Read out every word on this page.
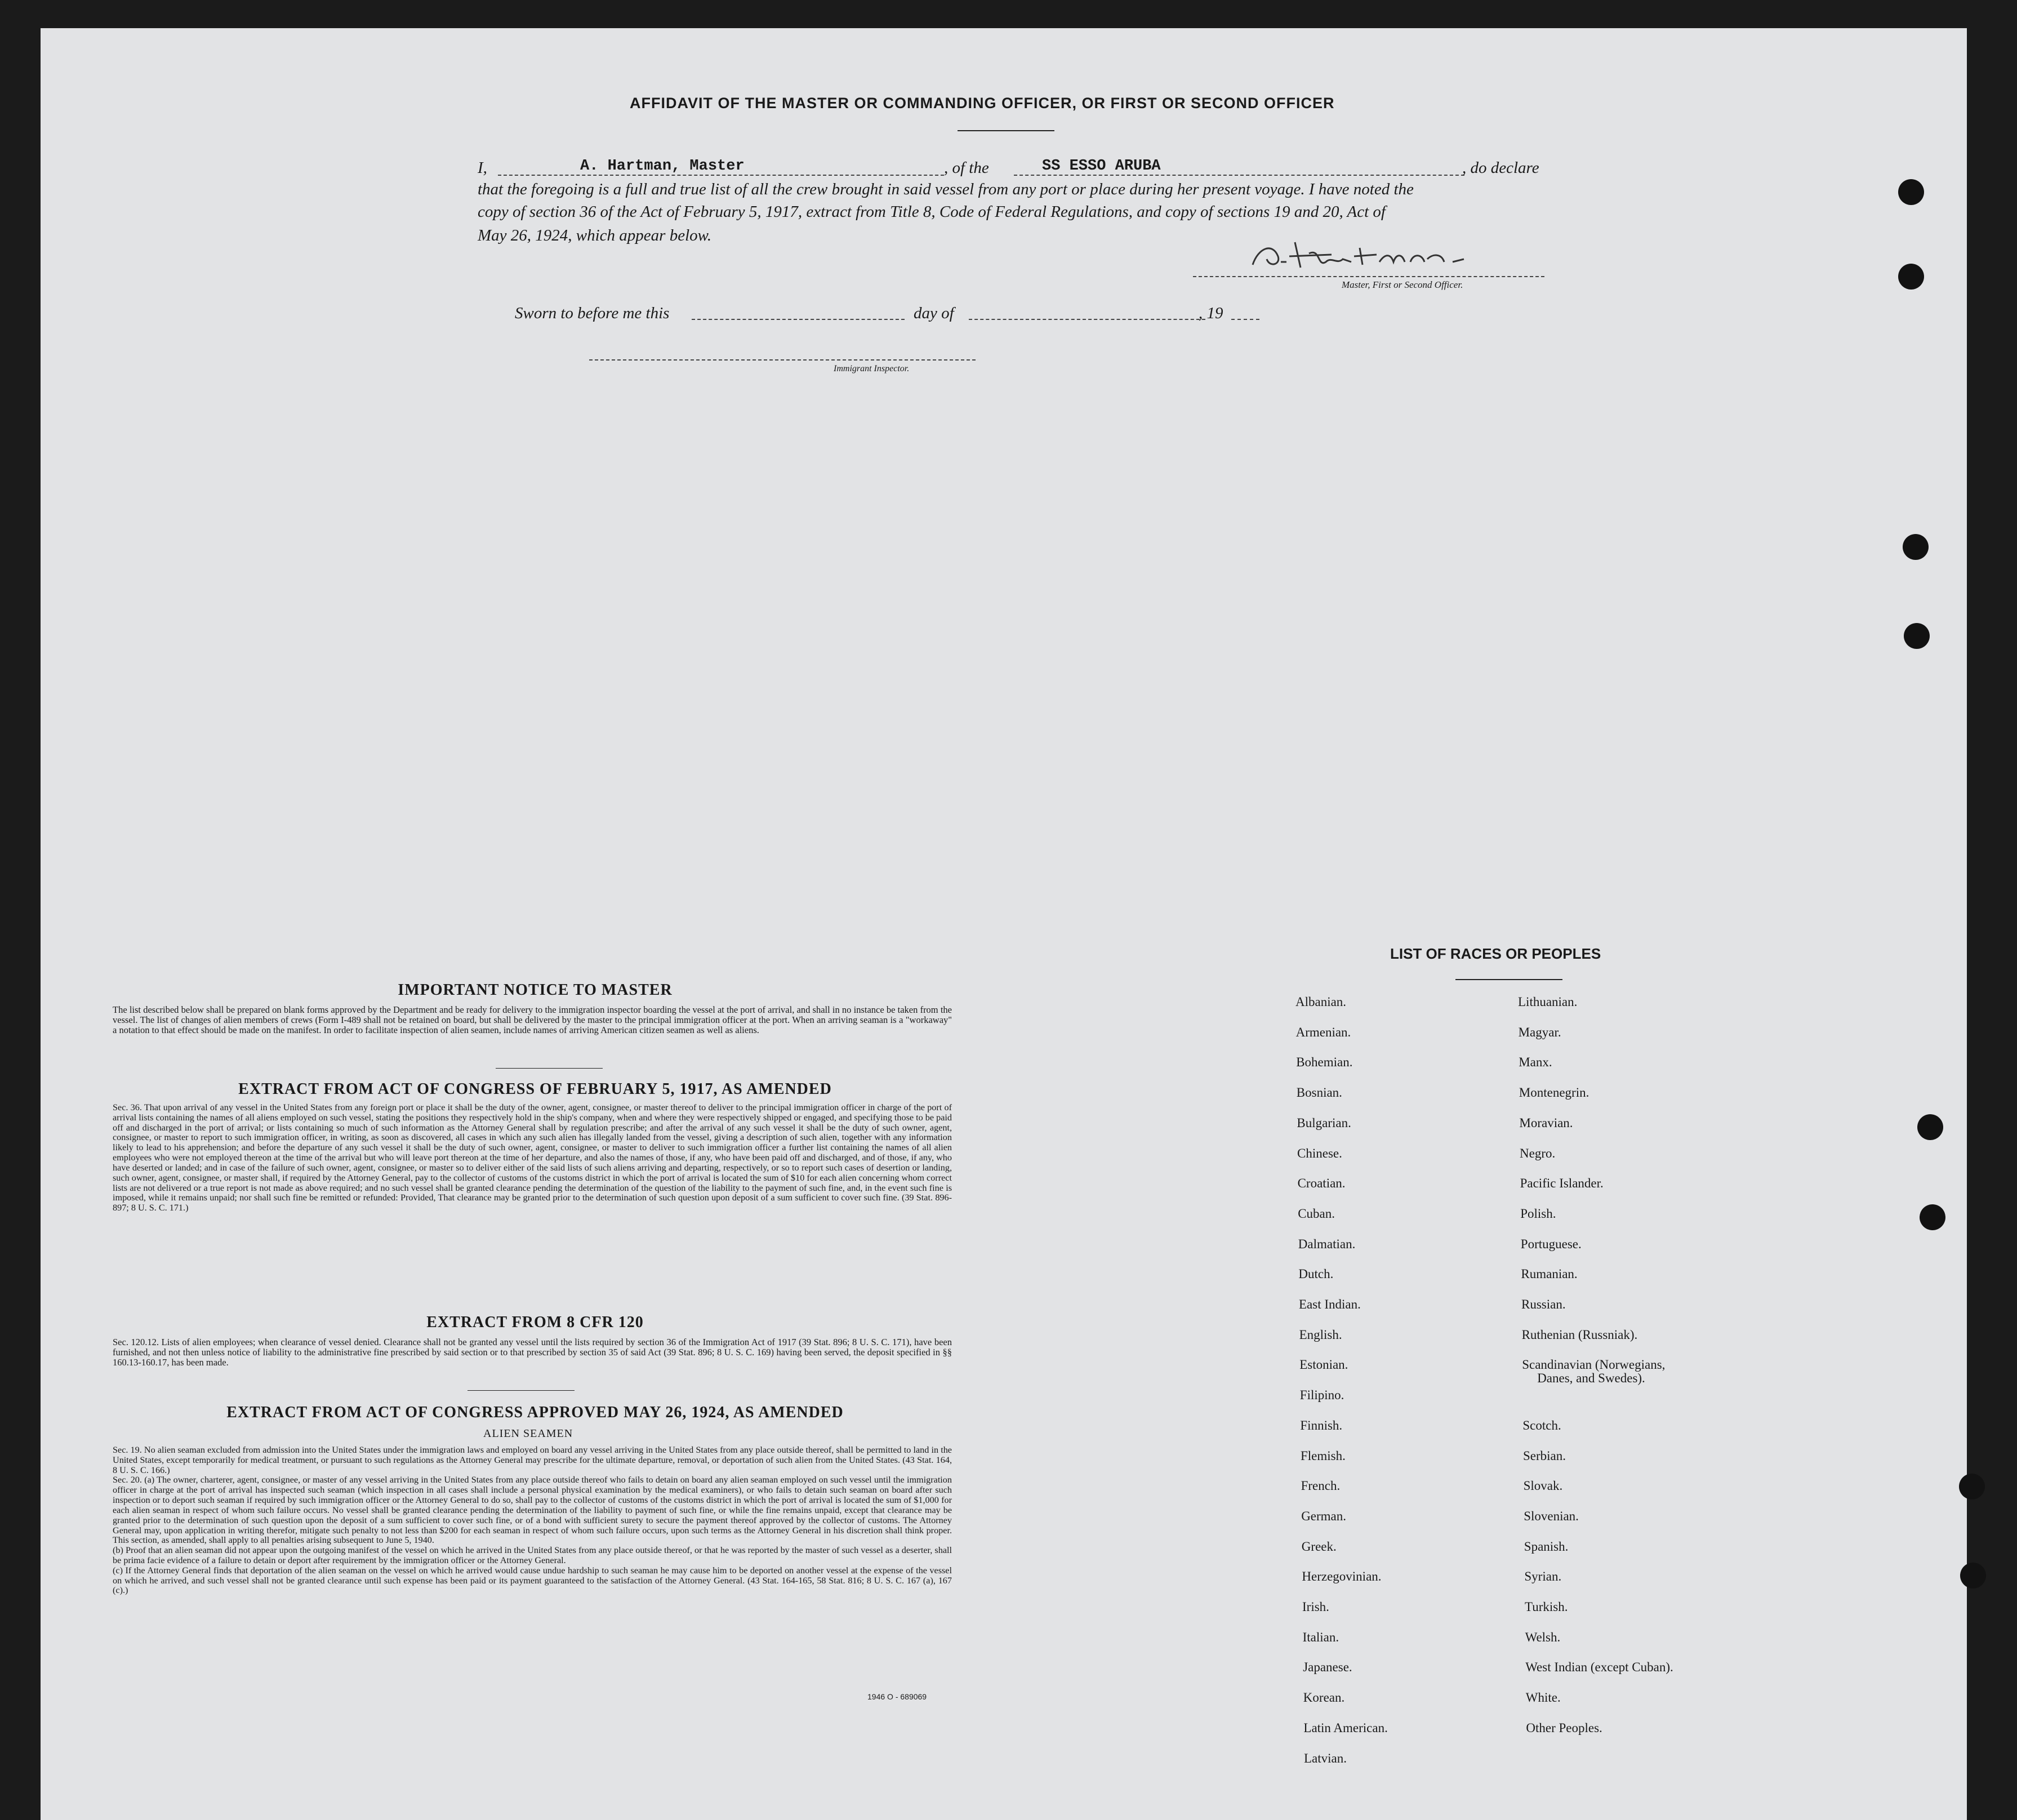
AFFIDAVIT OF THE MASTER OR COMMANDING OFFICER, OR FIRST OR SECOND OFFICER
I,	A. Hartman, Master	, of the	SS ESSO ARUBA	, do declare
that the foregoing is a full and true list of all the crew brought in said vessel from any port or place during her present voyage. I have noted the
copy of section 36 of the Act of February 5, 1917, extract from Title 8, Code of Federal Regulations, and copy of sections 19 and 20, Act of
May 26, 1924, which appear below.
Master, First or Second Officer.
Sworn to before me this	day of	, 19
Immigrant Inspector.
IMPORTANT NOTICE TO MASTER
The list described below shall be prepared on blank forms approved by the Department and be ready for delivery to the immigration inspector boarding the vessel at the port of arrival, and shall in no instance be taken from the vessel. The list of changes of alien members of crews (Form I-489 shall not be retained on board, but shall be delivered by the master to the principal immigration officer at the port. When an arriving seaman is a "workaway" a notation to that effect should be made on the manifest. In order to facilitate inspection of alien seamen, include names of arriving American citizen seamen as well as aliens.
EXTRACT FROM ACT OF CONGRESS OF FEBRUARY 5, 1917, AS AMENDED
Sec. 36. That upon arrival of any vessel in the United States from any foreign port or place it shall be the duty of the owner, agent, consignee, or master thereof to deliver to the principal immigration officer in charge of the port of arrival lists containing the names of all aliens employed on such vessel, stating the positions they respectively hold in the ship's company, when and where they were respectively shipped or engaged, and specifying those to be paid off and discharged in the port of arrival; or lists containing so much of such information as the Attorney General shall by regulation prescribe; and after the arrival of any such vessel it shall be the duty of such owner, agent, consignee, or master to report to such immigration officer, in writing, as soon as discovered, all cases in which any such alien has illegally landed from the vessel, giving a description of such alien, together with any information likely to lead to his apprehension; and before the departure of any such vessel it shall be the duty of such owner, agent, consignee, or master to deliver to such immigration officer a further list containing the names of all alien employees who were not employed thereon at the time of the arrival but who will leave port thereon at the time of her departure, and also the names of those, if any, who have been paid off and discharged, and of those, if any, who have deserted or landed; and in case of the failure of such owner, agent, consignee, or master so to deliver either of the said lists of such aliens arriving and departing, respectively, or so to report such cases of desertion or landing, such owner, agent, consignee, or master shall, if required by the Attorney General, pay to the collector of customs of the customs district in which the port of arrival is located the sum of $10 for each alien concerning whom correct lists are not delivered or a true report is not made as above required; and no such vessel shall be granted clearance pending the determination of the question of the liability to the payment of such fine, and, in the event such fine is imposed, while it remains unpaid; nor shall such fine be remitted or refunded: Provided, That clearance may be granted prior to the determination of such question upon deposit of a sum sufficient to cover such fine. (39 Stat. 896-897; 8 U. S. C. 171.)
EXTRACT FROM 8 CFR 120
Sec. 120.12. Lists of alien employees; when clearance of vessel denied. Clearance shall not be granted any vessel until the lists required by section 36 of the Immigration Act of 1917 (39 Stat. 896; 8 U. S. C. 171), have been furnished, and not then unless notice of liability to the administrative fine prescribed by said section or to that prescribed by section 35 of said Act (39 Stat. 896; 8 U. S. C. 169) having been served, the deposit specified in §§ 160.13-160.17, has been made.
EXTRACT FROM ACT OF CONGRESS APPROVED MAY 26, 1924, AS AMENDED
ALIEN SEAMEN
Sec. 19. No alien seaman excluded from admission into the United States under the immigration laws and employed on board any vessel arriving in the United States from any place outside thereof, shall be permitted to land in the United States, except temporarily for medical treatment, or pursuant to such regulations as the Attorney General may prescribe for the ultimate departure, removal, or deportation of such alien from the United States. (43 Stat. 164, 8 U. S. C. 166.)
Sec. 20. (a) The owner, charterer, agent, consignee, or master of any vessel arriving in the United States from any place outside thereof who fails to detain on board any alien seaman employed on such vessel until the immigration officer in charge at the port of arrival has inspected such seaman (which inspection in all cases shall include a personal physical examination by the medical examiners), or who fails to detain such seaman on board after such inspection or to deport such seaman if required by such immigration officer or the Attorney General to do so, shall pay to the collector of customs of the customs district in which the port of arrival is located the sum of $1,000 for each alien seaman in respect of whom such failure occurs. No vessel shall be granted clearance pending the determination of the liability to payment of such fine, or while the fine remains unpaid, except that clearance may be granted prior to the determination of such question upon the deposit of a sum sufficient to cover such fine, or of a bond with sufficient surety to secure the payment thereof approved by the collector of customs. The Attorney General may, upon application in writing therefor, mitigate such penalty to not less than $200 for each seaman in respect of whom such failure occurs, upon such terms as the Attorney General in his discretion shall think proper. This section, as amended, shall apply to all penalties arising subsequent to June 5, 1940.
(b) Proof that an alien seaman did not appear upon the outgoing manifest of the vessel on which he arrived in the United States from any place outside thereof, or that he was reported by the master of such vessel as a deserter, shall be prima facie evidence of a failure to detain or deport after requirement by the immigration officer or the Attorney General.
(c) If the Attorney General finds that deportation of the alien seaman on the vessel on which he arrived would cause undue hardship to such seaman he may cause him to be deported on another vessel at the expense of the vessel on which he arrived, and such vessel shall not be granted clearance until such expense has been paid or its payment guaranteed to the satisfaction of the Attorney General. (43 Stat. 164-165, 58 Stat. 816; 8 U. S. C. 167 (a), 167 (c).)
1946 O - 689069
LIST OF RACES OR PEOPLES
Albanian.
Armenian.
Bohemian.
Bosnian.
Bulgarian.
Chinese.
Croatian.
Cuban.
Dalmatian.
Dutch.
East Indian.
English.
Estonian.
Filipino.
Finnish.
Flemish.
French.
German.
Greek.
Herzegovinian.
Irish.
Italian.
Japanese.
Korean.
Latin American.
Latvian.
Lithuanian.
Magyar.
Manx.
Montenegrin.
Moravian.
Negro.
Pacific Islander.
Polish.
Portuguese.
Rumanian.
Russian.
Ruthenian (Russniak).
Scandinavian (Norwegians,
Danes, and Swedes).
Scotch.
Serbian.
Slovak.
Slovenian.
Spanish.
Syrian.
Turkish.
Welsh.
West Indian (except Cuban).
White.
Other Peoples.
